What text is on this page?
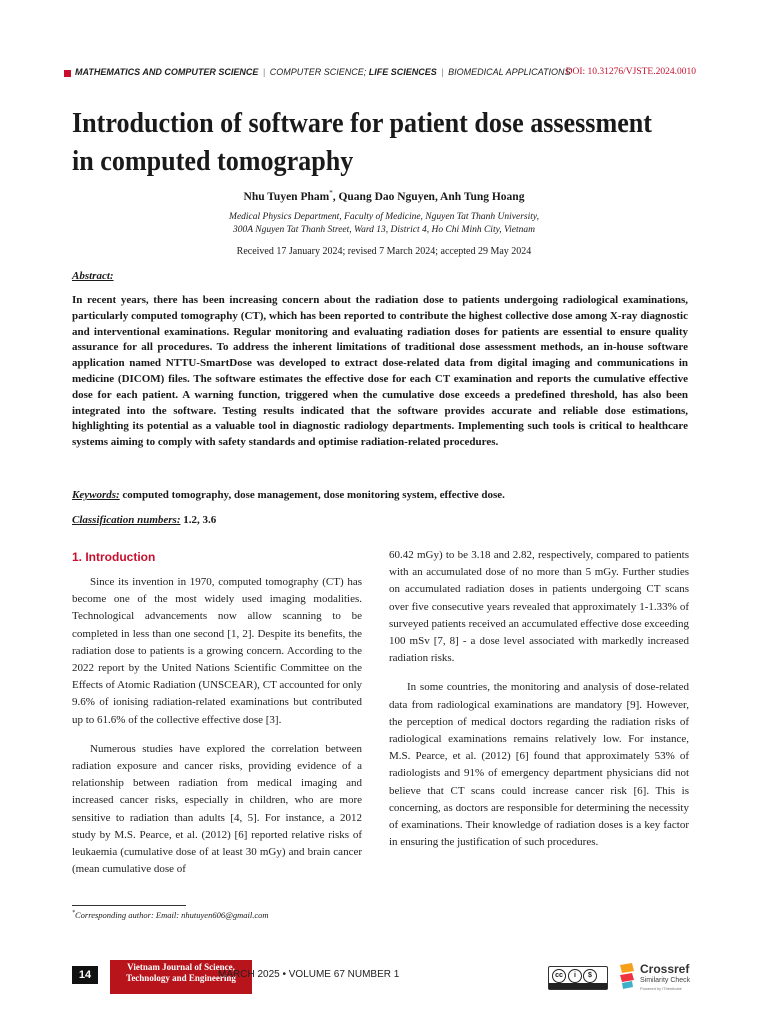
MATHEMATICS AND COMPUTER SCIENCE | COMPUTER SCIENCE; LIFE SCIENCES | BIOMEDICAL APPLICATIONS
DOI: 10.31276/VJSTE.2024.0010
Introduction of software for patient dose assessment
in computed tomography
Nhu Tuyen Pham*, Quang Dao Nguyen, Anh Tung Hoang
Medical Physics Department, Faculty of Medicine, Nguyen Tat Thanh University,
300A Nguyen Tat Thanh Street, Ward 13, District 4, Ho Chi Minh City, Vietnam
Received 17 January 2024; revised 7 March 2024; accepted 29 May 2024
Abstract:

In recent years, there has been increasing concern about the radiation dose to patients undergoing radiological examinations, particularly computed tomography (CT), which has been reported to contribute the highest collective dose among X-ray diagnostic and interventional examinations. Regular monitoring and evaluating radiation doses for patients are essential to ensure quality assurance for all procedures. To address the inherent limitations of traditional dose assessment methods, an in-house software application named NTTU-SmartDose was developed to extract dose-related data from digital imaging and communications in medicine (DICOM) files. The software estimates the effective dose for each CT examination and reports the cumulative effective dose for each patient. A warning function, triggered when the cumulative dose exceeds a predefined threshold, has also been integrated into the software. Testing results indicated that the software provides accurate and reliable dose estimations, highlighting its potential as a valuable tool in diagnostic radiology departments. Implementing such tools is critical to healthcare systems aiming to comply with safety standards and optimise radiation-related procedures.

Keywords: computed tomography, dose management, dose monitoring system, effective dose.
Classification numbers: 1.2, 3.6
1. Introduction

Since its invention in 1970, computed tomography (CT) has become one of the most widely used imaging modalities. Technological advancements now allow scanning to be completed in less than one second [1, 2]. Despite its benefits, the radiation dose to patients is a growing concern. According to the 2022 report by the United Nations Scientific Committee on the Effects of Atomic Radiation (UNSCEAR), CT accounted for only 9.6% of ionising radiation-related examinations but contributed up to 61.6% of the collective effective dose [3].

Numerous studies have explored the correlation between radiation exposure and cancer risks, providing evidence of a relationship between radiation from medical imaging and increased cancer risks, especially in children, who are more sensitive to radiation than adults [4, 5]. For instance, a 2012 study by M.S. Pearce, et al. (2012) [6] reported relative risks of leukaemia (cumulative dose of at least 30 mGy) and brain cancer (mean cumulative dose of

60.42 mGy) to be 3.18 and 2.82, respectively, compared to patients with an accumulated dose of no more than 5 mGy. Further studies on accumulated radiation doses in patients undergoing CT scans over five consecutive years revealed that approximately 1-1.33% of surveyed patients received an accumulated effective dose exceeding 100 mSv [7, 8] - a dose level associated with markedly increased radiation risks.

In some countries, the monitoring and analysis of dose-related data from radiological examinations are mandatory [9]. However, the perception of medical doctors regarding the radiation risks of radiological examinations remains relatively low. For instance, M.S. Pearce, et al. (2012) [6] found that approximately 53% of radiologists and 91% of emergency department physicians did not believe that CT scans could increase cancer risk [6]. This is concerning, as doctors are responsible for determining the necessity of examinations. Their knowledge of radiation doses is a key factor in ensuring the justification of such procedures.

*Corresponding author: Email: nhutuyen606@gmail.com
14
Vietnam Journal of Science,
Technology and Engineering
MARCH 2025 • VOLUME 67 NUMBER 1	cc	i	$	Crossref
Similarity Check
Powered by iThenticate
